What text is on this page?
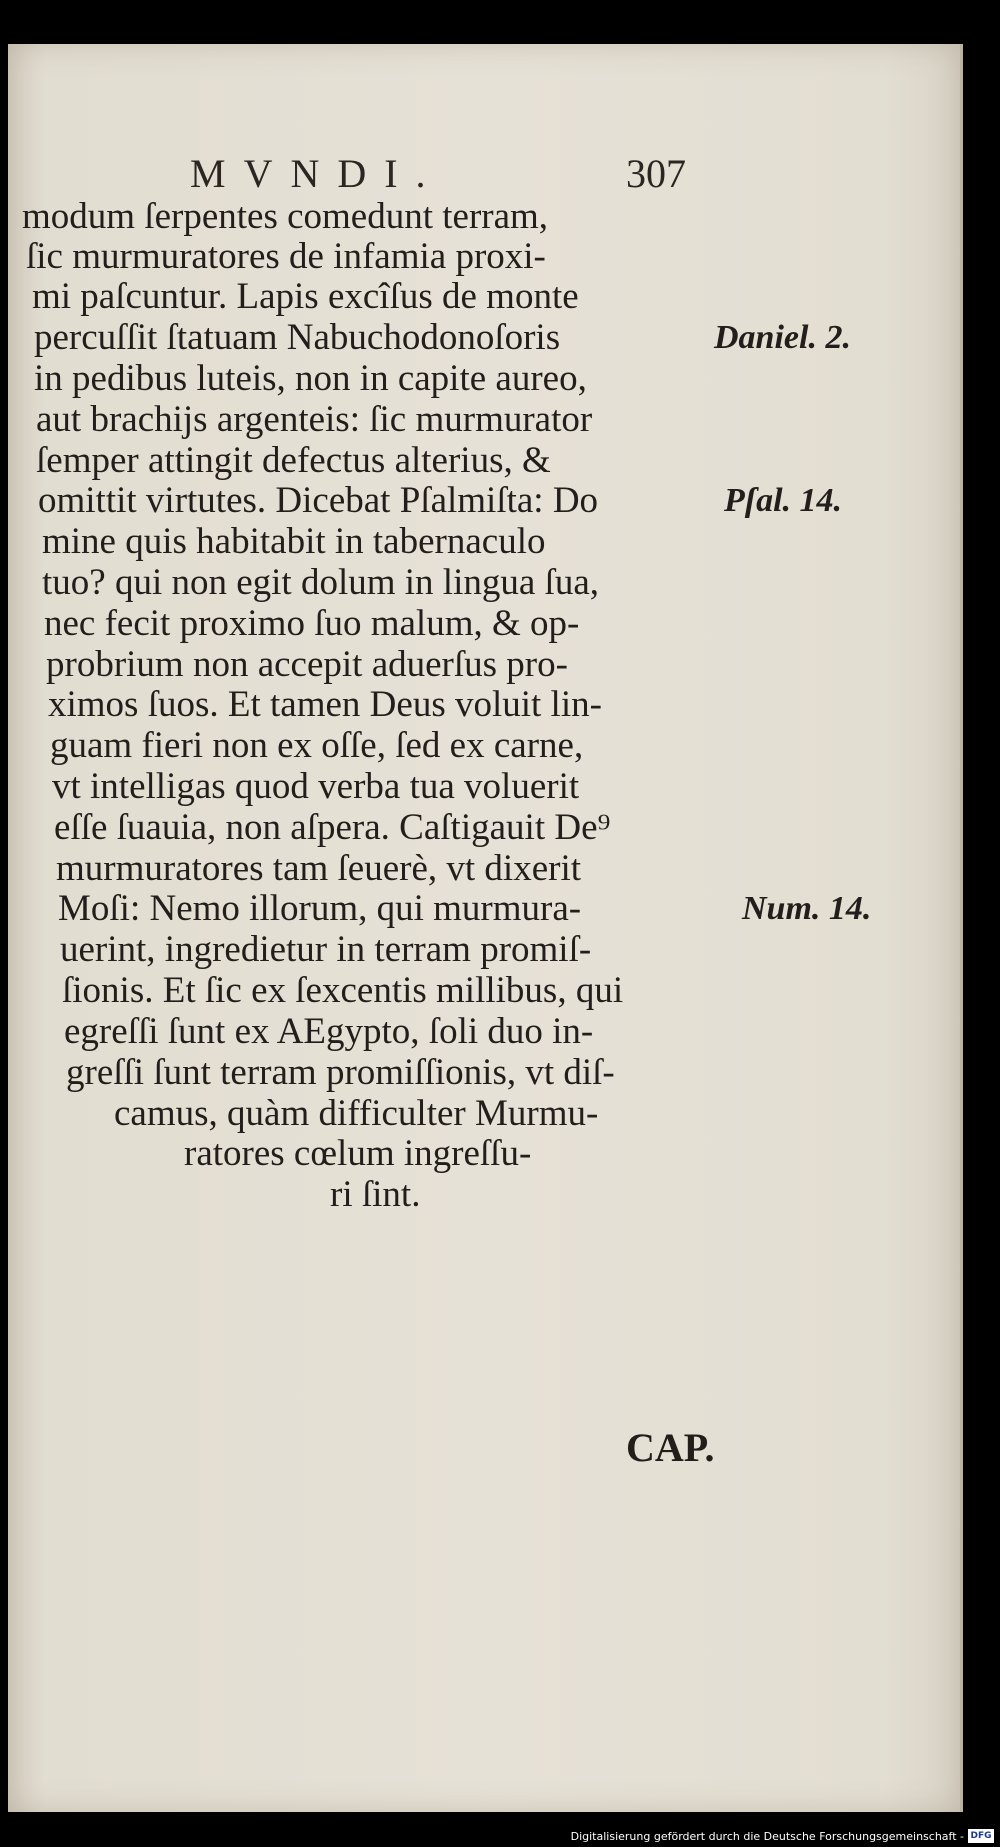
MVNDI.	307
modum ſerpentes comedunt terram,
ſic murmuratores de infamia proxi-
mi paſcuntur. Lapis excîſus de monte
percuſſit ſtatuam Nabuchodonoſoris
in pedibus luteis, non in capite aureo,
aut brachijs argenteis: ſic murmurator
ſemper attingit defectus alterius, &
omittit virtutes. Dicebat Pſalmiſta: Do
mine quis habitabit in tabernaculo
tuo? qui non egit dolum in lingua ſua,
nec fecit proximo ſuo malum, & op-
probrium non accepit aduerſus pro-
ximos ſuos. Et tamen Deus voluit lin-
guam fieri non ex oſſe, ſed ex carne,
vt intelligas quod verba tua voluerit
eſſe ſuauia, non aſpera. Caſtigauit De⁹
murmuratores tam ſeuerè, vt dixerit
Moſi: Nemo illorum, qui murmura-
uerint, ingredietur in terram promiſ-
ſionis. Et ſic ex ſexcentis millibus, qui
egreſſi ſunt ex AEgypto, ſoli duo in-
greſſi ſunt terram promiſſionis, vt diſ-
camus, quàm difficulter Murmu-
ratores cœlum ingreſſu-
ri ſint.
Daniel. 2.
Pſal. 14.
Num. 14.
CAP.
Digitalisierung gefördert durch die Deutsche Forschungsgemeinschaft - DFG
